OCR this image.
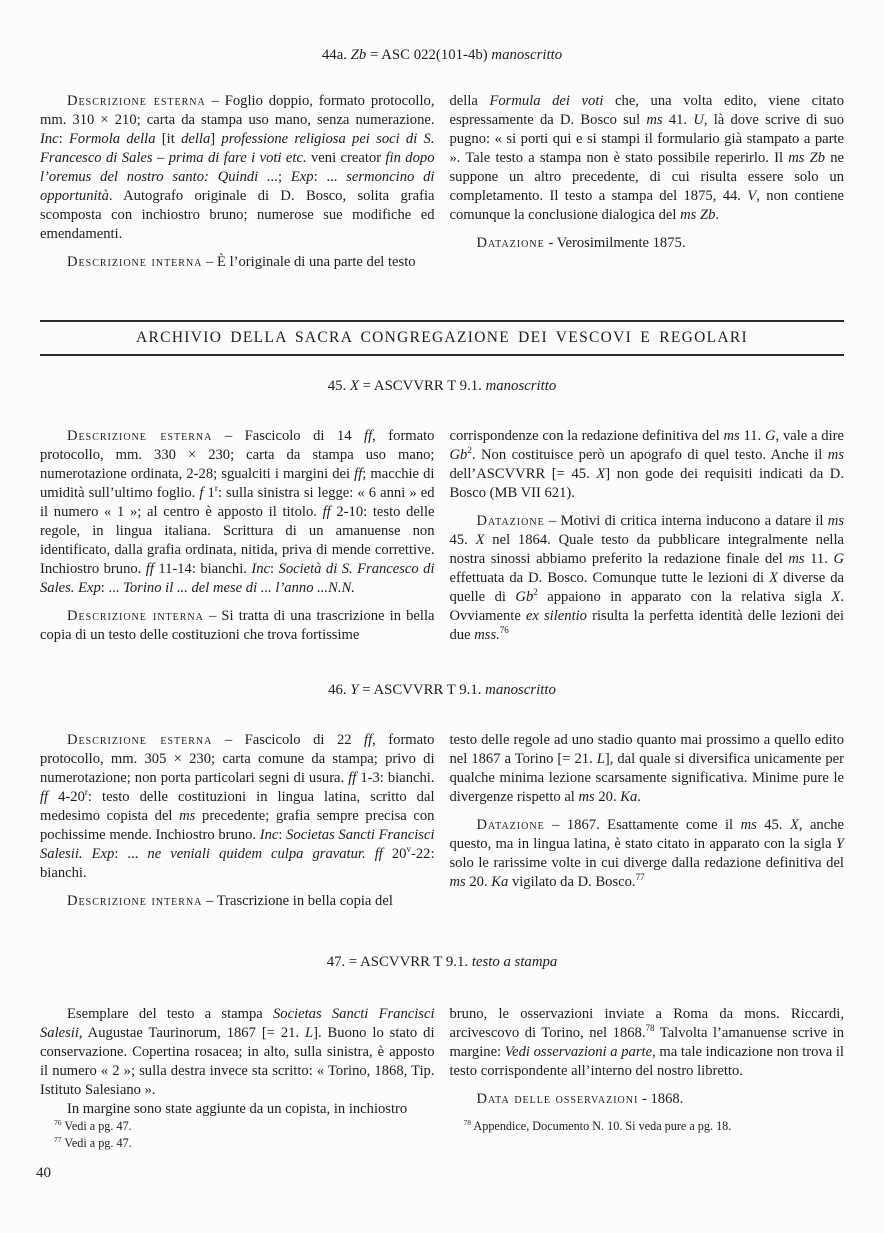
44a. Zb = ASC 022(101-4b) manoscritto

Descrizione esterna – Foglio doppio, formato protocollo, mm. 310 × 210; carta da stampa uso mano, senza numerazione. Inc: Formola della [it della] professione religiosa pei soci di S. Francesco di Sales – prima di fare i voti etc. veni creator fin dopo l’oremus del nostro santo: Quindi ...; Exp: ... sermoncino di opportunità. Autografo originale di D. Bosco, solita grafia scomposta con inchiostro bruno; numerose sue modifiche ed emendamenti.

Descrizione interna – È l’originale di una parte del testo

della Formula dei voti che, una volta edito, viene citato espressamente da D. Bosco sul ms 41. U, là dove scrive di suo pugno: « si porti qui e si stampi il formulario già stampato a parte ». Tale testo a stampa non è stato possibile reperirlo. Il ms Zb ne suppone un altro precedente, di cui risulta essere solo un completamento. Il testo a stampa del 1875, 44. V, non contiene comunque la conclusione dialogica del ms Zb.

Datazione - Verosimilmente 1875.

ARCHIVIO DELLA SACRA CONGREGAZIONE DEI VESCOVI E REGOLARI
45. X = ASCVVRR T 9.1. manoscritto

Descrizione esterna – Fascicolo di 14 ff, formato protocollo, mm. 330 × 230; carta da stampa uso mano; numerotazione ordinata, 2-28; sgualciti i margini dei ff; macchie di umidità sull’ultimo foglio. f 1$^r$: sulla sinistra si legge: « 6 anni » ed il numero « 1 »; al centro è apposto il titolo. ff 2-10: testo delle regole, in lingua italiana. Scrittura di un amanuense non identificato, dalla grafia ordinata, nitida, priva di mende correttive. Inchiostro bruno. ff 11-14: bianchi. Inc: Società di S. Francesco di Sales. Exp: ... Torino il ... del mese di ... l’anno ...N.N.

Descrizione interna – Si tratta di una trascrizione in bella copia di un testo delle costituzioni che trova fortissime

corrispondenze con la redazione definitiva del ms 11. G, vale a dire Gb$^2$. Non costituisce però un apografo di quel testo. Anche il ms dell’ASCVVRR [= 45. X] non gode dei requisiti indicati da D. Bosco (MB VII 621).

Datazione – Motivi di critica interna inducono a datare il ms 45. X nel 1864. Quale testo da pubblicare integralmente nella nostra sinossi abbiamo preferito la redazione finale del ms 11. G effettuata da D. Bosco. Comunque tutte le lezioni di X diverse da quelle di Gb$^2$ appaiono in apparato con la relativa sigla X. Ovviamente ex silentio risulta la perfetta identità delle lezioni dei due mss.$^{76}$

46. Y = ASCVVRR T 9.1. manoscritto

Descrizione esterna – Fascicolo di 22 ff, formato protocollo, mm. 305 × 230; carta comune da stampa; privo di numerotazione; non porta particolari segni di usura. ff 1-3: bianchi. ff 4-20$^r$: testo delle costituzioni in lingua latina, scritto dal medesimo copista del ms precedente; grafia sempre precisa con pochissime mende. Inchiostro bruno. Inc: Societas Sancti Francisci Salesii. Exp: ... ne veniali quidem culpa gravatur. ff 20$^v$-22: bianchi.

Descrizione interna – Trascrizione in bella copia del

testo delle regole ad uno stadio quanto mai prossimo a quello edito nel 1867 a Torino [= 21. L], dal quale si diversifica unicamente per qualche minima lezione scarsamente significativa. Minime pure le divergenze rispetto al ms 20. Ka.

Datazione – 1867. Esattamente come il ms 45. X, anche questo, ma in lingua latina, è stato citato in apparato con la sigla Y solo le rarissime volte in cui diverge dalla redazione definitiva del ms 20. Ka vigilato da D. Bosco.$^{77}$

47. = ASCVVRR T 9.1. testo a stampa

Esemplare del testo a stampa Societas Sancti Francisci Salesii, Augustae Taurinorum, 1867 [= 21. L]. Buono lo stato di conservazione. Copertina rosacea; in alto, sulla sinistra, è apposto il numero « 2 »; sulla destra invece sta scritto: « Torino, 1868, Tip. Istituto Salesiano ».

In margine sono state aggiunte da un copista, in inchiostro

bruno, le osservazioni inviate a Roma da mons. Riccardi, arcivescovo di Torino, nel 1868.78 Talvolta l’amanuense scrive in margine: Vedi osservazioni a parte, ma tale indicazione non trova il testo corrispondente all’interno del nostro libretto.

Data delle osservazioni - 1868.

$^{76}$ Vedi a pg. 47.

$^{77}$ Vedi a pg. 47.

$^{78}$ Appendice, Documento N. 10. Si veda pure a pg. 18.

40
